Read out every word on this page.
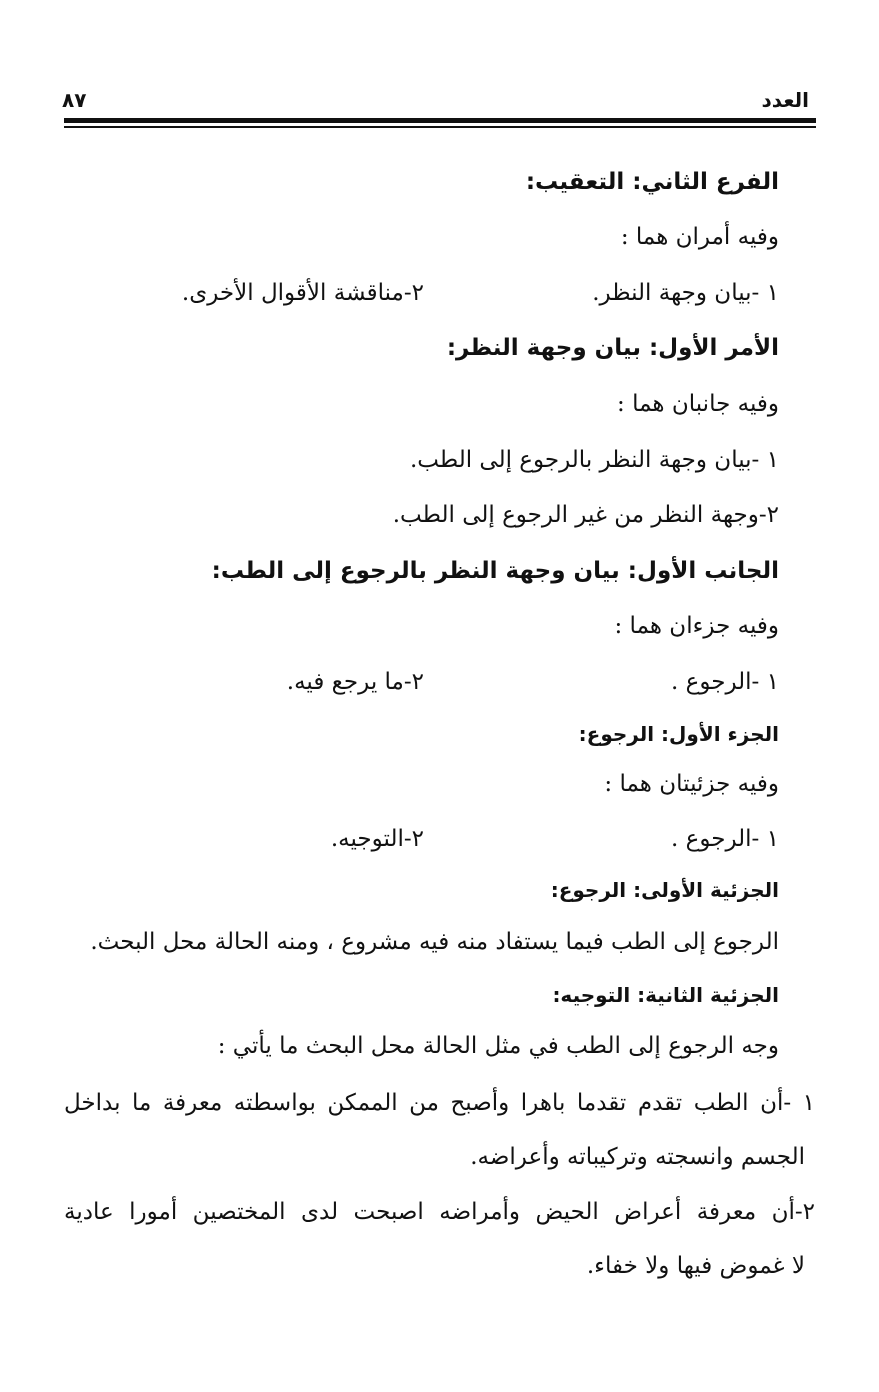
العدد
٨٧
الفرع الثاني: التعقيب:
وفيه أمران هما :
١ -بيان وجهة النظر.
٢-مناقشة الأقوال الأخرى.
الأمر الأول: بيان وجهة النظر:
وفيه جانبان هما :
١ -بيان وجهة النظر بالرجوع إلى الطب.
٢-وجهة النظر من غير الرجوع إلى الطب.
الجانب الأول: بيان وجهة النظر بالرجوع إلى الطب:
وفيه جزءان هما :
١ -الرجوع .
٢-ما يرجع فيه.
الجزء الأول: الرجوع:
وفيه جزئيتان هما :
١ -الرجوع .
٢-التوجيه.
الجزئية الأولى: الرجوع:
الرجوع إلى الطب فيما يستفاد منه فيه مشروع ، ومنه الحالة محل البحث.
الجزئية الثانية: التوجيه:
وجه الرجوع إلى الطب في مثل الحالة محل البحث ما يأتي :
١ -أن الطب تقدم تقدما باهرا وأصبح من الممكن بواسطته معرفة ما بداخل
الجسم وانسجته وتركيباته وأعراضه.
٢-أن معرفة أعراض الحيض وأمراضه اصبحت لدى المختصين أمورا عادية
لا غموض فيها ولا خفاء.
